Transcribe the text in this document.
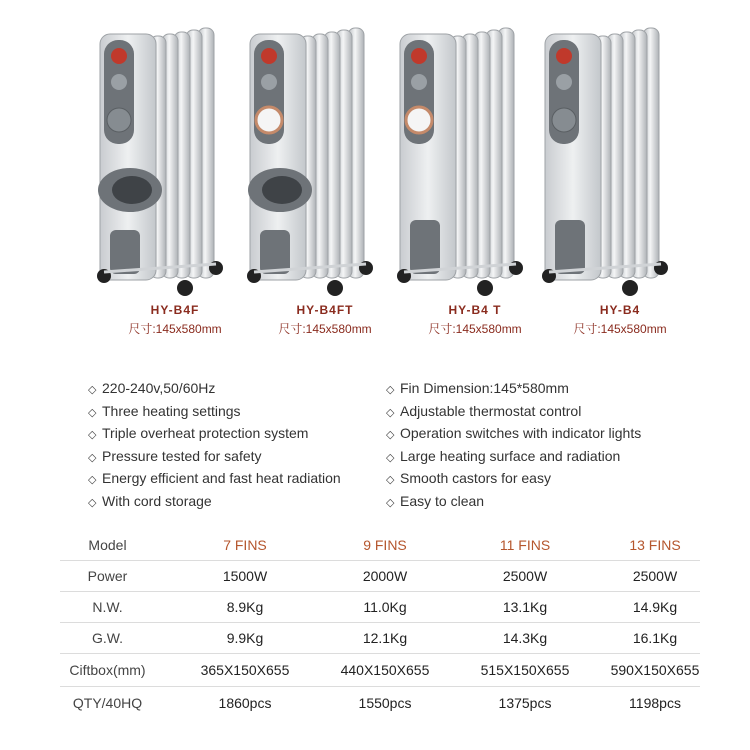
HY-B4F
尺寸:145x580mm
HY-B4FT
尺寸:145x580mm
HY-B4 T
尺寸:145x580mm
HY-B4
尺寸:145x580mm
◇ 220-240v,50/60Hz
◇ Three heating settings
◇ Triple overheat protection system
◇ Pressure tested for safety
◇ Energy efficient and fast heat radiation
◇ With cord storage
◇ Fin Dimension:145*580mm
◇ Adjustable thermostat control
◇ Operation switches with indicator lights
◇ Large heating surface and radiation
◇ Smooth castors for easy
◇ Easy to clean
Model	7 FINS	9 FINS	11 FINS	13 FINS
Power	1500W	2000W	2500W	2500W
N.W.	8.9Kg	11.0Kg	13.1Kg	14.9Kg
G.W.	9.9Kg	12.1Kg	14.3Kg	16.1Kg
Ciftbox(mm)	365X150X655	440X150X655	515X150X655	590X150X655
QTY/40HQ	1860pcs	1550pcs	1375pcs	1198pcs
